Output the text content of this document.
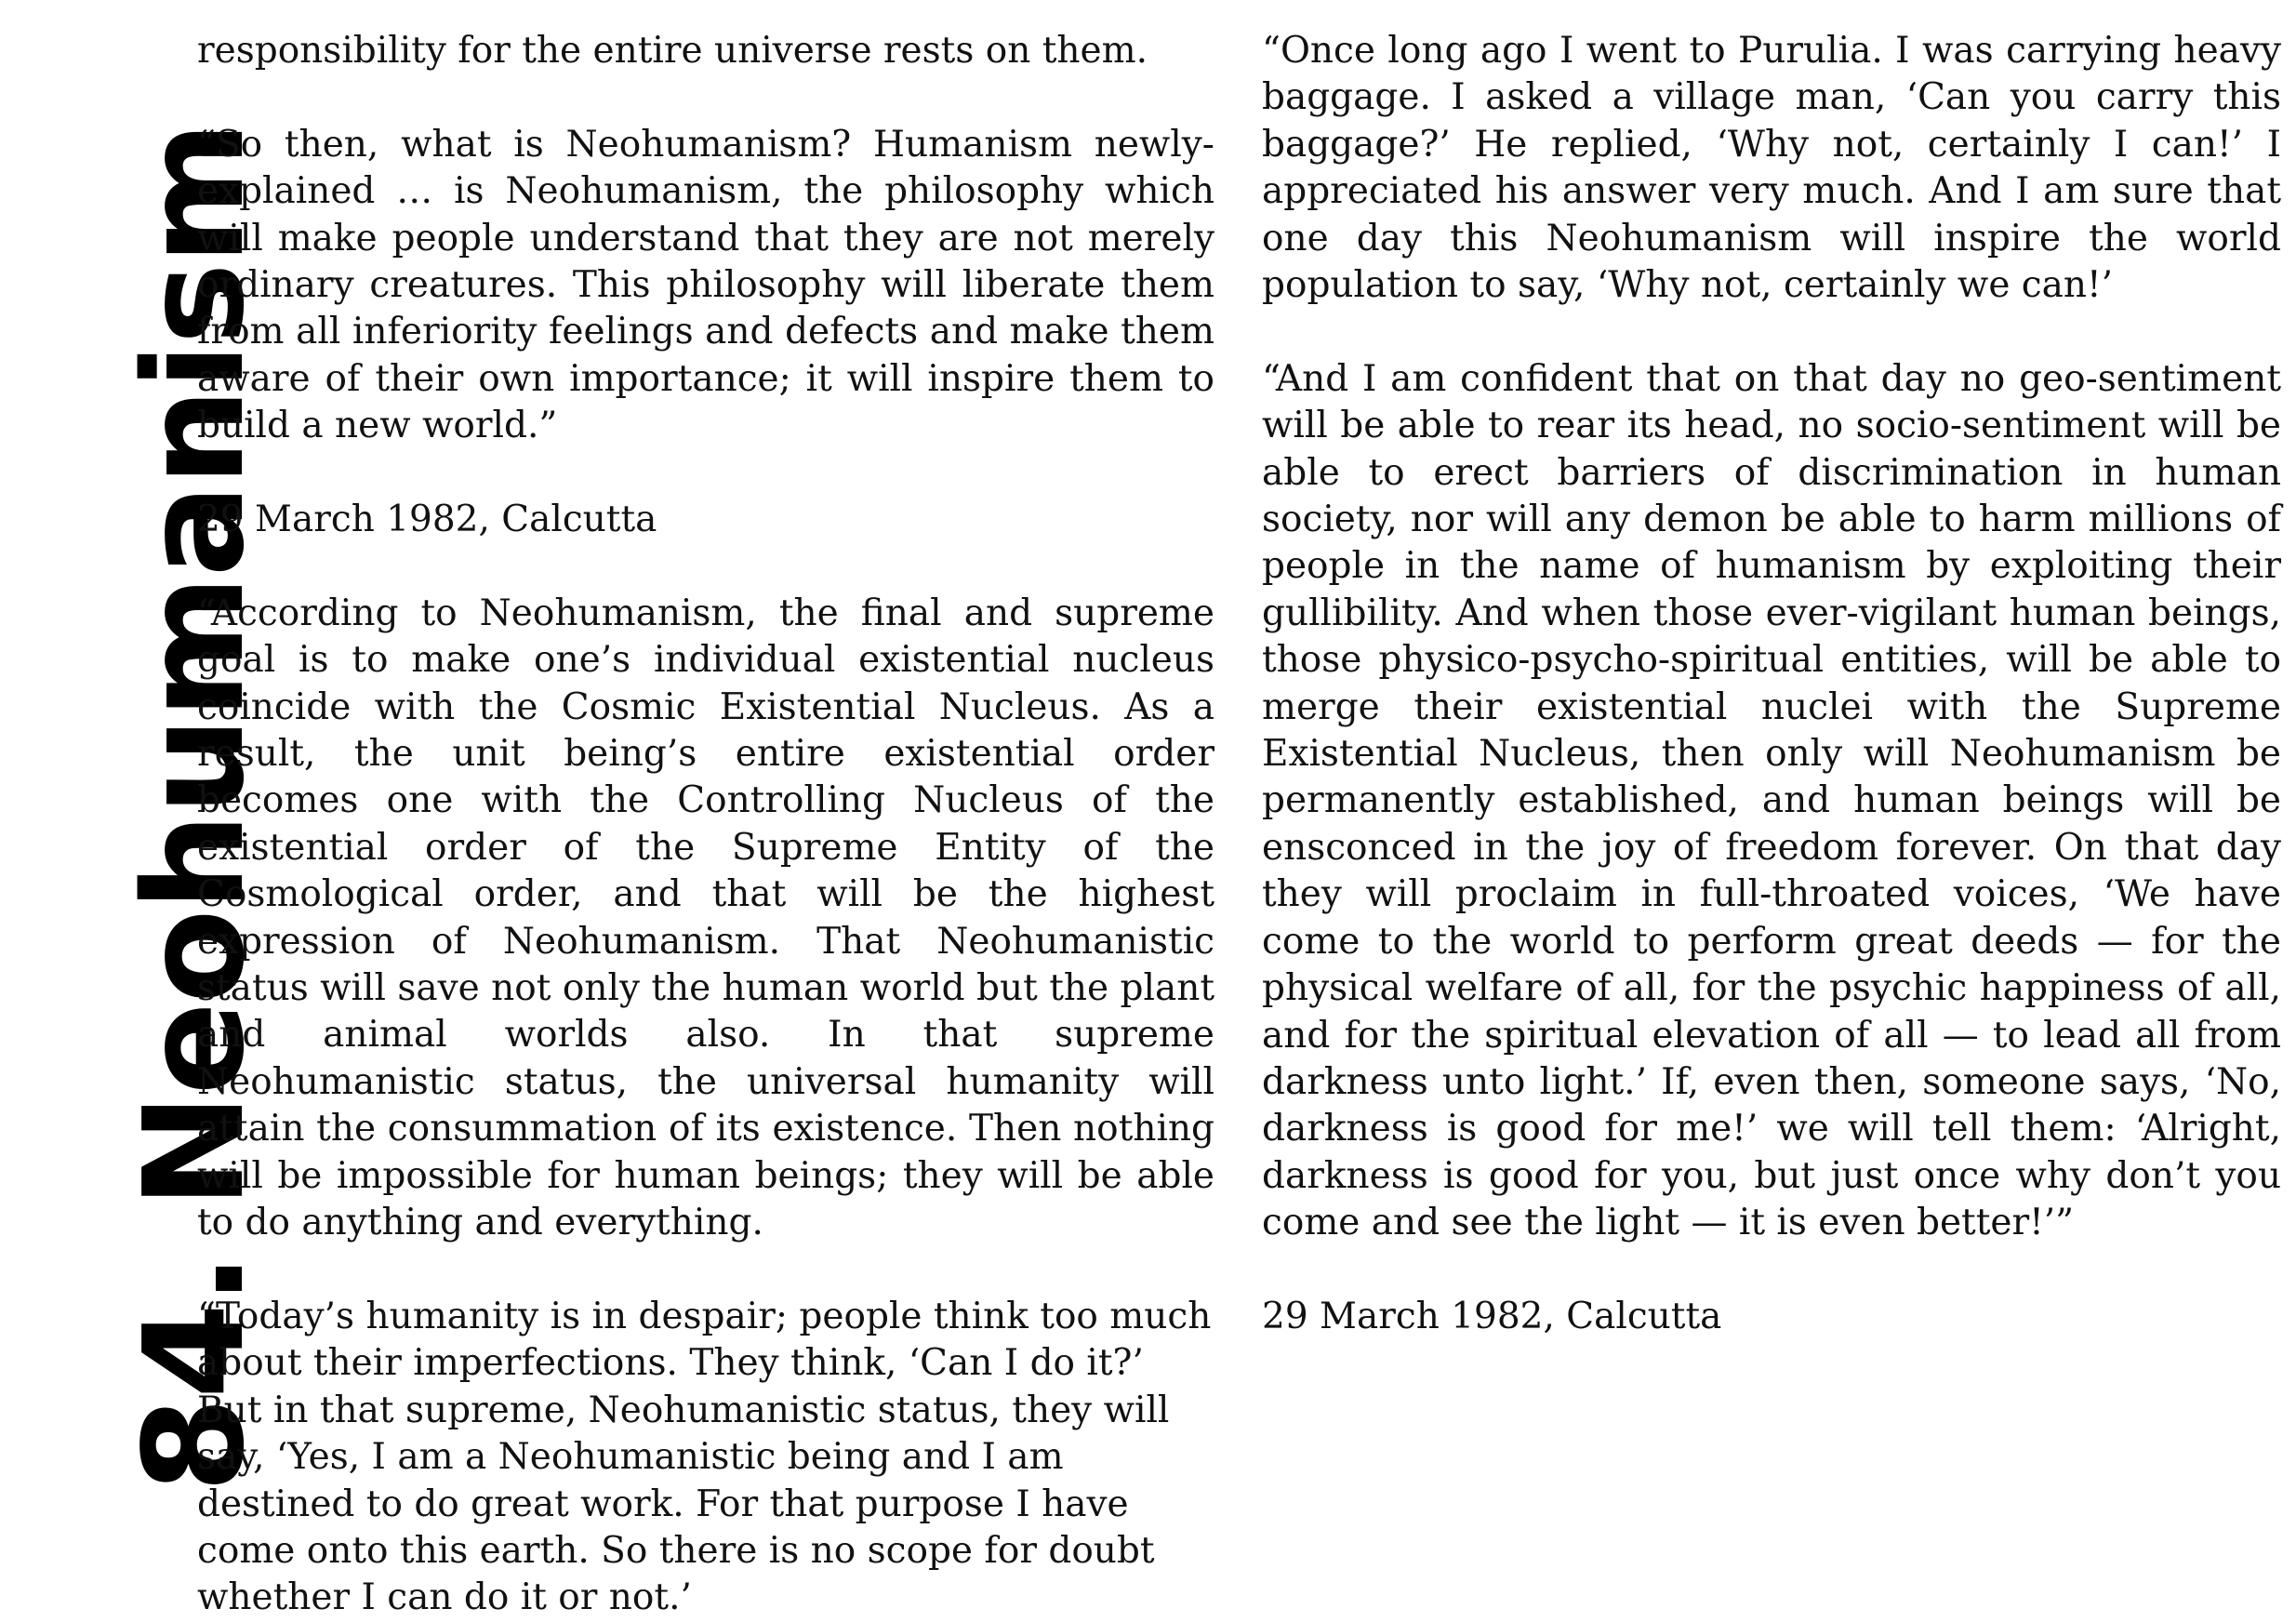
84. Neohumanism

responsibility for the entire universe rests on them.

“So then, what is Neohumanism? Humanism newly-explained … is Neohumanism, the philosophy which will make people understand that they are not merely ordinary creatures. This philosophy will liberate them from all inferiority feelings and defects and make them aware of their own importance; it will inspire them to build a new world.”

29 March 1982, Calcutta

“According to Neohumanism, the final and supreme goal is to make one’s individual existential nucleus coincide with the Cosmic Existential Nucleus. As a result, the unit being’s entire existential order becomes one with the Controlling Nucleus of the existential order of the Supreme Entity of the Cosmological order, and that will be the highest expression of Neohumanism. That Neohumanistic status will save not only the human world but the plant and animal worlds also. In that supreme Neohumanistic status, the universal humanity will attain the consummation of its existence. Then nothing will be impossible for human beings; they will be able to do anything and everything.

“Today’s humanity is in despair; people think too much about their imperfections. They think, ‘Can I do it?’ But in that supreme, Neohumanistic status, they will say, ‘Yes, I am a Neohumanistic being and I am destined to do great work. For that purpose I have come onto this earth. So there is no scope for doubt whether I can do it or not.’

“Once long ago I went to Purulia. I was carrying heavy baggage. I asked a village man, ‘Can you carry this baggage?’ He replied, ‘Why not, certainly I can!’ I appreciated his answer very much. And I am sure that one day this Neohumanism will inspire the world population to say, ‘Why not, certainly we can!’

“And I am confident that on that day no geo-sentiment will be able to rear its head, no socio-sentiment will be able to erect barriers of discrimination in human society, nor will any demon be able to harm millions of people in the name of humanism by exploiting their gullibility. And when those ever-vigilant human beings, those physico-psycho-spiritual entities, will be able to merge their existential nuclei with the Supreme Existential Nucleus, then only will Neohumanism be permanently established, and human beings will be ensconced in the joy of freedom forever. On that day they will proclaim in full-throated voices, ‘We have come to the world to perform great deeds — for the physical welfare of all, for the psychic happiness of all, and for the spiritual elevation of all — to lead all from darkness unto light.’ If, even then, someone says, ‘No, darkness is good for me!’ we will tell them: ‘Alright, darkness is good for you, but just once why don’t you come and see the light — it is even better!’”

29 March 1982, Calcutta
